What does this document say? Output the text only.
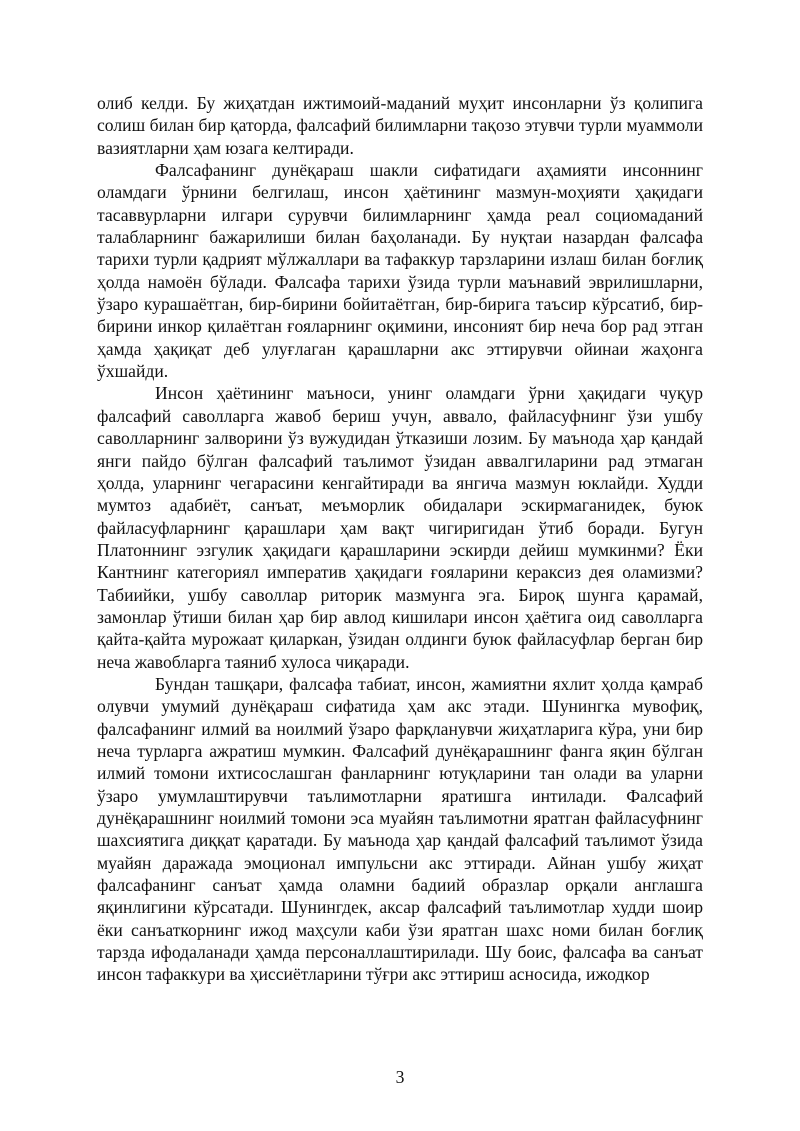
олиб келди. Бу жиҳатдан ижтимоий-маданий муҳит инсонларни ўз қолипига солиш билан бир қаторда, фалсафий билимларни тақозо этувчи турли муаммоли вазиятларни ҳам юзага келтиради.

Фалсафанинг дунёқараш шакли сифатидаги аҳамияти инсоннинг оламдаги ўрнини белгилаш, инсон ҳаётининг мазмун-моҳияти ҳақидаги тасаввурларни илгари сурувчи билимларнинг ҳамда реал социомаданий талабларнинг бажарилиши билан баҳоланади. Бу нуқтаи назардан фалсафа тарихи турли қадрият мўлжаллари ва тафаккур тарзларини излаш билан боғлиқ ҳолда намоён бўлади. Фалсафа тарихи ўзида турли маънавий эврилишларни, ўзаро курашаётган, бир-бирини бойитаётган, бир-бирига таъсир кўрсатиб, бир-бирини инкор қилаётган ғояларнинг оқимини, инсоният бир неча бор рад этган ҳамда ҳақиқат деб улуғлаган қарашларни акс эттирувчи ойинаи жаҳонга ўхшайди.

Инсон ҳаётининг маъноси, унинг оламдаги ўрни ҳақидаги чуқур фалсафий саволларга жавоб бериш учун, аввало, файласуфнинг ўзи ушбу саволларнинг залворини ўз вужудидан ўтказиши лозим. Бу маънода ҳар қандай янги пайдо бўлган фалсафий таълимот ўзидан аввалгиларини рад этмаган ҳолда, уларнинг чегарасини кенгайтиради ва янгича мазмун юклайди. Худди мумтоз адабиёт, санъат, меъморлик обидалари эскирмаганидек, буюк файласуфларнинг қарашлари ҳам вақт чигиригидан ўтиб боради. Бугун Платоннинг эзгулик ҳақидаги қарашларини эскирди дейиш мумкинми? Ёки Кантнинг категориял императив ҳақидаги ғояларини кераксиз дея оламизми? Табиийки, ушбу саволлар риторик мазмунга эга. Бироқ шунга қарамай, замонлар ўтиши билан ҳар бир авлод кишилари инсон ҳаётига оид саволларга қайта-қайта мурожаат қиларкан, ўзидан олдинги буюк файласуфлар берган бир неча жавобларга таяниб хулоса чиқаради.

Бундан ташқари, фалсафа табиат, инсон, жамиятни яхлит ҳолда қамраб олувчи умумий дунёқараш сифатида ҳам акс этади. Шунингка мувофиқ, фалсафанинг илмий ва ноилмий ўзаро фарқланувчи жиҳатларига кўра, уни бир неча турларга ажратиш мумкин. Фалсафий дунёқарашнинг фанга яқин бўлган илмий томони ихтисослашган фанларнинг ютуқларини тан олади ва уларни ўзаро умумлаштирувчи таълимотларни яратишга интилади. Фалсафий дунёқарашнинг ноилмий томони эса муайян таълимотни яратган файласуфнинг шахсиятига диққат қаратади. Бу маънода ҳар қандай фалсафий таълимот ўзида муайян даражада эмоционал импульсни акс эттиради. Айнан ушбу жиҳат фалсафанинг санъат ҳамда оламни бадиий образлар орқали англашга яқинлигини кўрсатади. Шунингдек, аксар фалсафий таълимотлар худди шоир ёки санъаткорнинг ижод маҳсули каби ўзи яратган шахс номи билан боғлиқ тарзда ифодаланади ҳамда персоналлаштирилади. Шу боис, фалсафа ва санъат инсон тафаккури ва ҳиссиётларини тўғри акс эттириш асносида, ижодкор

3
